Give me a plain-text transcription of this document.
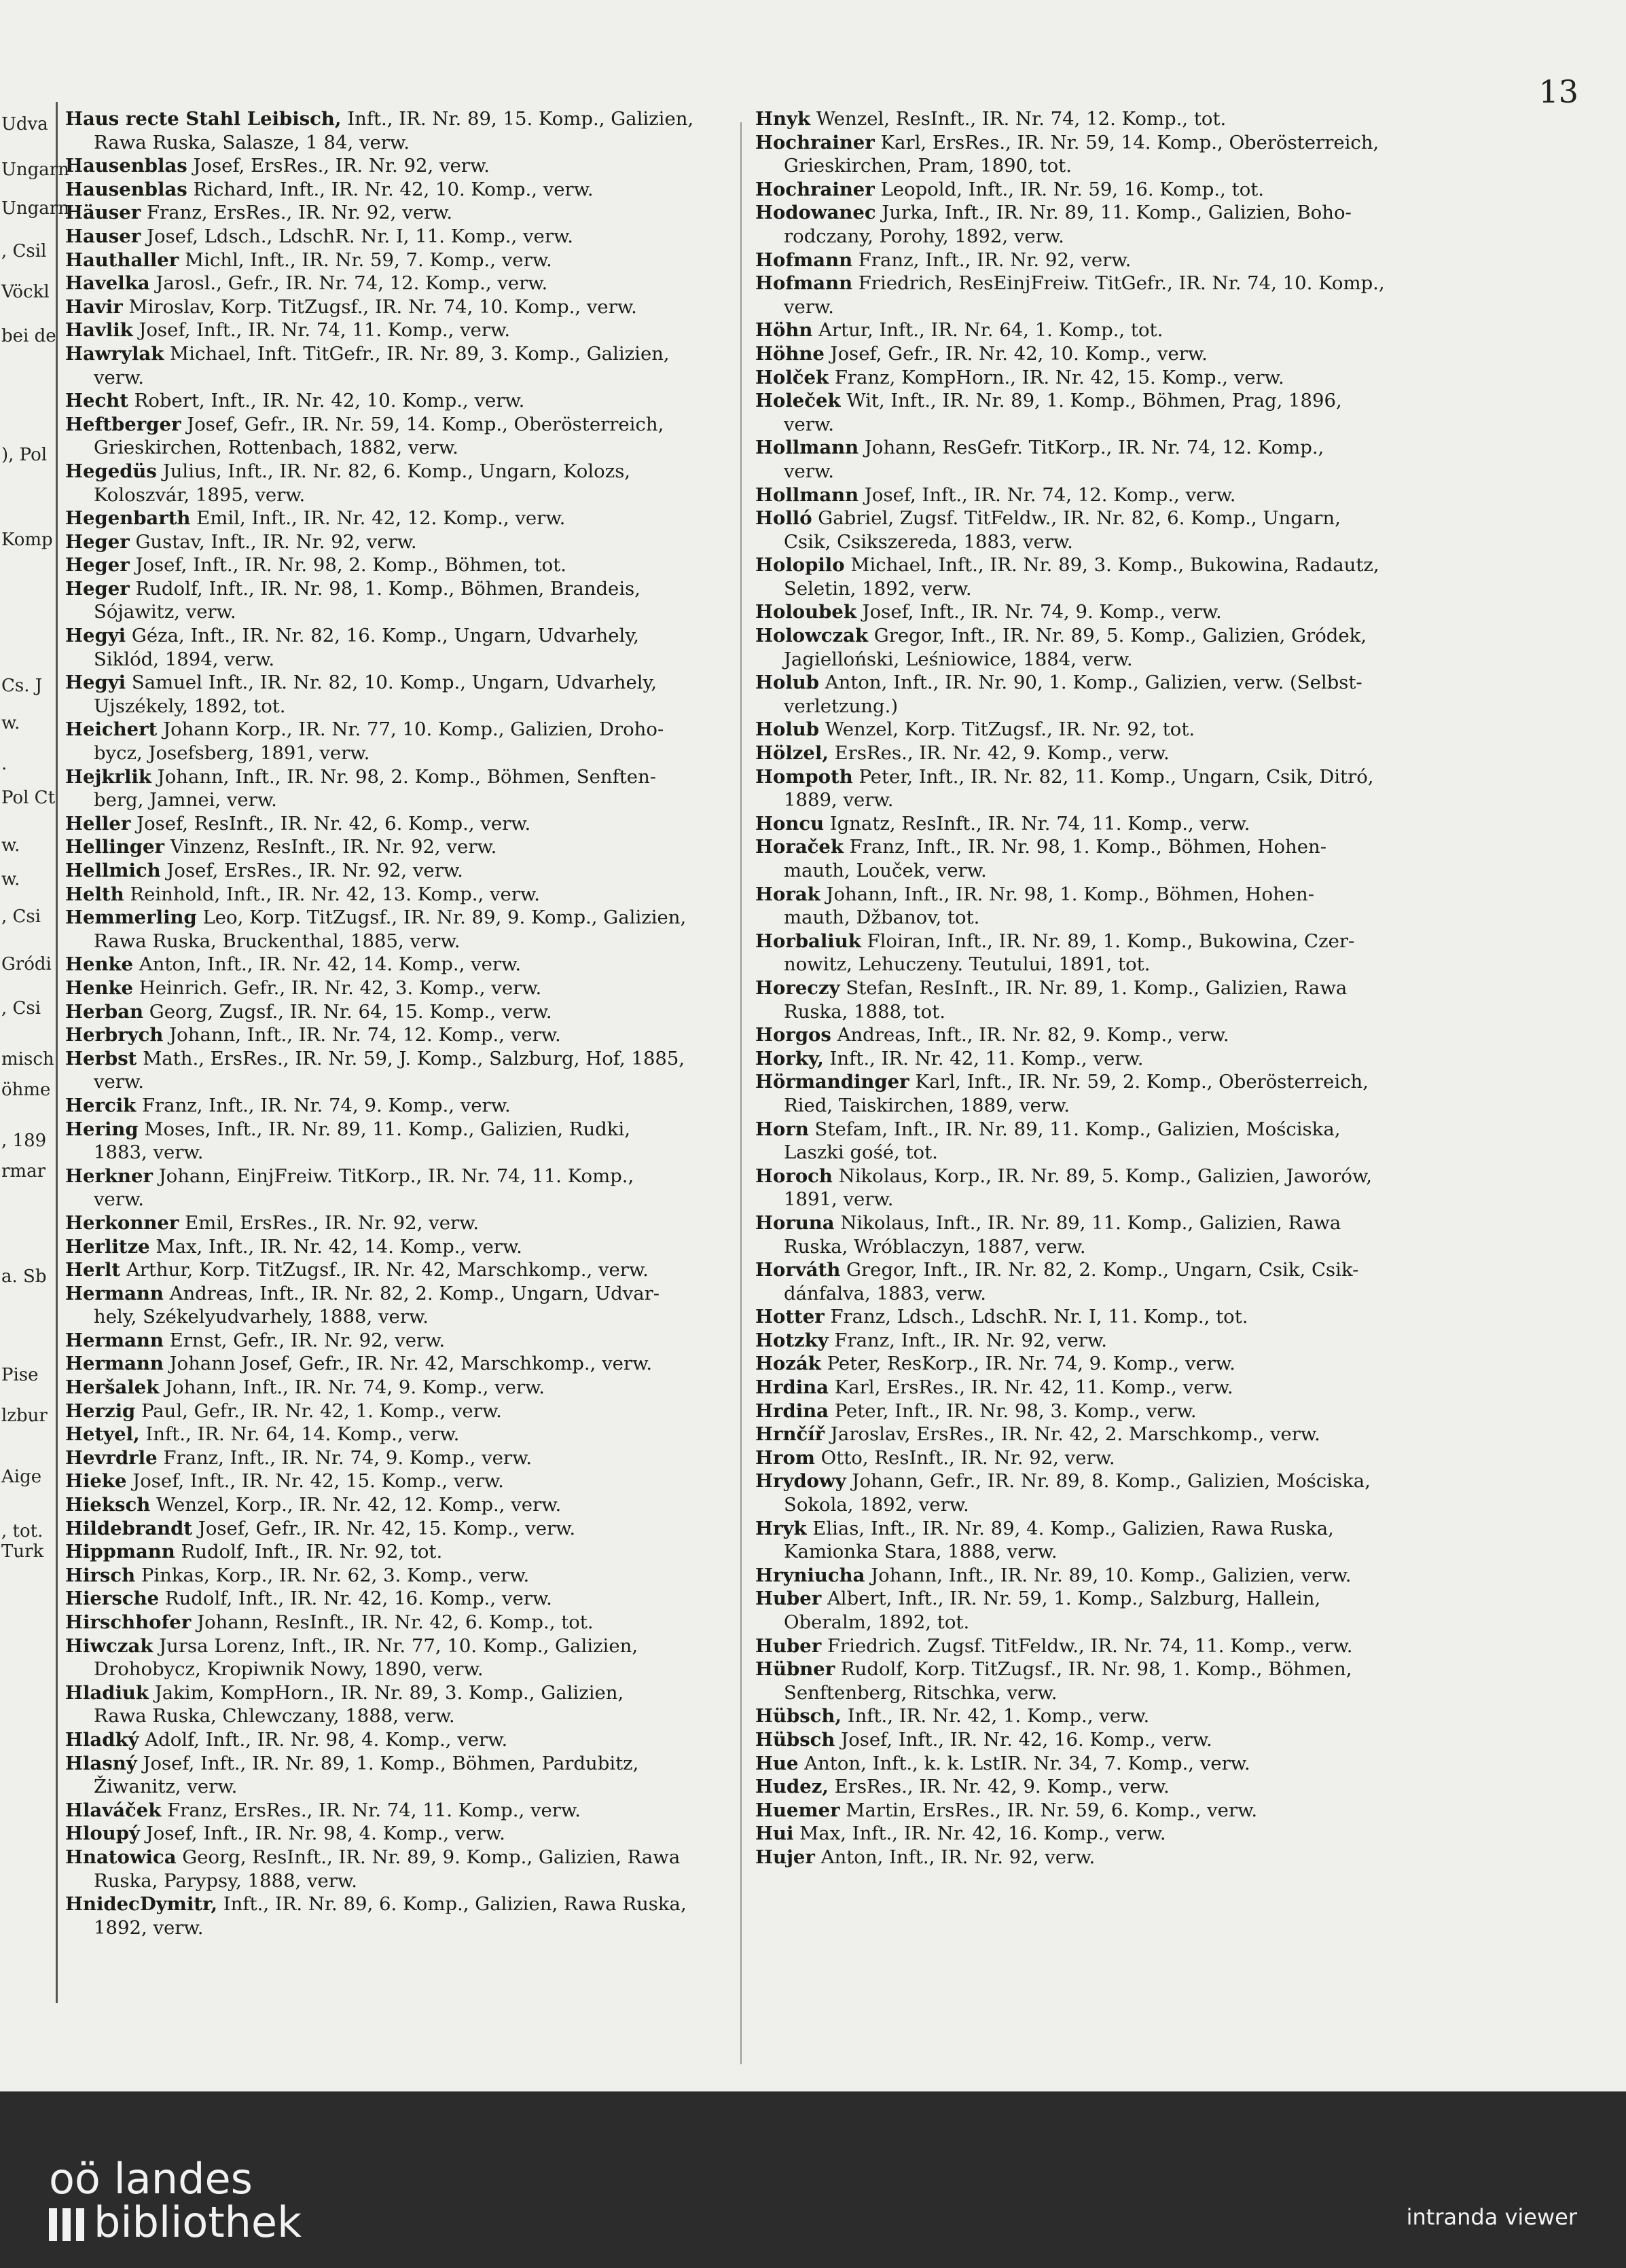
13
Udva
Ungarn
Ungarn
, Csil
Vöckl
bei de
), Pol
Komp
Cs. J
w.
.
Pol Ct
w.
w.
, Csi
Gródi
, Csi
misch
öhme
, 189
rmar
a. Sb
Pise
lzbur
Aige
, tot.
Turk
Haus recte Stahl Leibisch, Inft., IR. Nr. 89, 15. Komp., Galizien,
Rawa Ruska, Salasze, 1 84, verw.
Hausenblas Josef, ErsRes., IR. Nr. 92, verw.
Hausenblas Richard, Inft., IR. Nr. 42, 10. Komp., verw.
Häuser Franz, ErsRes., IR. Nr. 92, verw.
Hauser Josef, Ldsch., LdschR. Nr. I, 11. Komp., verw.
Hauthaller Michl, Inft., IR. Nr. 59, 7. Komp., verw.
Havelka Jarosl., Gefr., IR. Nr. 74, 12. Komp., verw.
Havir Miroslav, Korp. TitZugsf., IR. Nr. 74, 10. Komp., verw.
Havlik Josef, Inft., IR. Nr. 74, 11. Komp., verw.
Hawrylak Michael, Inft. TitGefr., IR. Nr. 89, 3. Komp., Galizien,
verw.
Hecht Robert, Inft., IR. Nr. 42, 10. Komp., verw.
Heftberger Josef, Gefr., IR. Nr. 59, 14. Komp., Oberösterreich,
Grieskirchen, Rottenbach, 1882, verw.
Hegedüs Julius, Inft., IR. Nr. 82, 6. Komp., Ungarn, Kolozs,
Koloszvár, 1895, verw.
Hegenbarth Emil, Inft., IR. Nr. 42, 12. Komp., verw.
Heger Gustav, Inft., IR. Nr. 92, verw.
Heger Josef, Inft., IR. Nr. 98, 2. Komp., Böhmen, tot.
Heger Rudolf, Inft., IR. Nr. 98, 1. Komp., Böhmen, Brandeis,
Sójawitz, verw.
Hegyi Géza, Inft., IR. Nr. 82, 16. Komp., Ungarn, Udvarhely,
Siklód, 1894, verw.
Hegyi Samuel Inft., IR. Nr. 82, 10. Komp., Ungarn, Udvarhely,
Ujszékely, 1892, tot.
Heichert Johann Korp., IR. Nr. 77, 10. Komp., Galizien, Droho-
bycz, Josefsberg, 1891, verw.
Hejkrlik Johann, Inft., IR. Nr. 98, 2. Komp., Böhmen, Senften-
berg, Jamnei, verw.
Heller Josef, ResInft., IR. Nr. 42, 6. Komp., verw.
Hellinger Vinzenz, ResInft., IR. Nr. 92, verw.
Hellmich Josef, ErsRes., IR. Nr. 92, verw.
Helth Reinhold, Inft., IR. Nr. 42, 13. Komp., verw.
Hemmerling Leo, Korp. TitZugsf., IR. Nr. 89, 9. Komp., Galizien,
Rawa Ruska, Bruckenthal, 1885, verw.
Henke Anton, Inft., IR. Nr. 42, 14. Komp., verw.
Henke Heinrich. Gefr., IR. Nr. 42, 3. Komp., verw.
Herban Georg, Zugsf., IR. Nr. 64, 15. Komp., verw.
Herbrych Johann, Inft., IR. Nr. 74, 12. Komp., verw.
Herbst Math., ErsRes., IR. Nr. 59, J. Komp., Salzburg, Hof, 1885,
verw.
Hercik Franz, Inft., IR. Nr. 74, 9. Komp., verw.
Hering Moses, Inft., IR. Nr. 89, 11. Komp., Galizien, Rudki,
1883, verw.
Herkner Johann, EinjFreiw. TitKorp., IR. Nr. 74, 11. Komp.,
verw.
Herkonner Emil, ErsRes., IR. Nr. 92, verw.
Herlitze Max, Inft., IR. Nr. 42, 14. Komp., verw.
Herlt Arthur, Korp. TitZugsf., IR. Nr. 42, Marschkomp., verw.
Hermann Andreas, Inft., IR. Nr. 82, 2. Komp., Ungarn, Udvar-
hely, Székelyudvarhely, 1888, verw.
Hermann Ernst, Gefr., IR. Nr. 92, verw.
Hermann Johann Josef, Gefr., IR. Nr. 42, Marschkomp., verw.
Heršalek Johann, Inft., IR. Nr. 74, 9. Komp., verw.
Herzig Paul, Gefr., IR. Nr. 42, 1. Komp., verw.
Hetyel, Inft., IR. Nr. 64, 14. Komp., verw.
Hevrdrle Franz, Inft., IR. Nr. 74, 9. Komp., verw.
Hieke Josef, Inft., IR. Nr. 42, 15. Komp., verw.
Hieksch Wenzel, Korp., IR. Nr. 42, 12. Komp., verw.
Hildebrandt Josef, Gefr., IR. Nr. 42, 15. Komp., verw.
Hippmann Rudolf, Inft., IR. Nr. 92, tot.
Hirsch Pinkas, Korp., IR. Nr. 62, 3. Komp., verw.
Hiersche Rudolf, Inft., IR. Nr. 42, 16. Komp., verw.
Hirschhofer Johann, ResInft., IR. Nr. 42, 6. Komp., tot.
Hiwczak Jursa Lorenz, Inft., IR. Nr. 77, 10. Komp., Galizien,
Drohobycz, Kropiwnik Nowy, 1890, verw.
Hladiuk Jakim, KompHorn., IR. Nr. 89, 3. Komp., Galizien,
Rawa Ruska, Chlewczany, 1888, verw.
Hladký Adolf, Inft., IR. Nr. 98, 4. Komp., verw.
Hlasný Josef, Inft., IR. Nr. 89, 1. Komp., Böhmen, Pardubitz,
Žiwanitz, verw.
Hlaváček Franz, ErsRes., IR. Nr. 74, 11. Komp., verw.
Hloupý Josef, Inft., IR. Nr. 98, 4. Komp., verw.
Hnatowica Georg, ResInft., IR. Nr. 89, 9. Komp., Galizien, Rawa
Ruska, Parypsy, 1888, verw.
HnidecDymitr, Inft., IR. Nr. 89, 6. Komp., Galizien, Rawa Ruska,
1892, verw.
Hnyk Wenzel, ResInft., IR. Nr. 74, 12. Komp., tot.
Hochrainer Karl, ErsRes., IR. Nr. 59, 14. Komp., Oberösterreich,
Grieskirchen, Pram, 1890, tot.
Hochrainer Leopold, Inft., IR. Nr. 59, 16. Komp., tot.
Hodowanec Jurka, Inft., IR. Nr. 89, 11. Komp., Galizien, Boho-
rodczany, Porohy, 1892, verw.
Hofmann Franz, Inft., IR. Nr. 92, verw.
Hofmann Friedrich, ResEinjFreiw. TitGefr., IR. Nr. 74, 10. Komp.,
verw.
Höhn Artur, Inft., IR. Nr. 64, 1. Komp., tot.
Höhne Josef, Gefr., IR. Nr. 42, 10. Komp., verw.
Holček Franz, KompHorn., IR. Nr. 42, 15. Komp., verw.
Holeček Wit, Inft., IR. Nr. 89, 1. Komp., Böhmen, Prag, 1896,
verw.
Hollmann Johann, ResGefr. TitKorp., IR. Nr. 74, 12. Komp.,
verw.
Hollmann Josef, Inft., IR. Nr. 74, 12. Komp., verw.
Holló Gabriel, Zugsf. TitFeldw., IR. Nr. 82, 6. Komp., Ungarn,
Csik, Csikszereda, 1883, verw.
Holopilo Michael, Inft., IR. Nr. 89, 3. Komp., Bukowina, Radautz,
Seletin, 1892, verw.
Holoubek Josef, Inft., IR. Nr. 74, 9. Komp., verw.
Holowczak Gregor, Inft., IR. Nr. 89, 5. Komp., Galizien, Gródek,
Jagielloński, Leśniowice, 1884, verw.
Holub Anton, Inft., IR. Nr. 90, 1. Komp., Galizien, verw. (Selbst-
verletzung.)
Holub Wenzel, Korp. TitZugsf., IR. Nr. 92, tot.
Hölzel, ErsRes., IR. Nr. 42, 9. Komp., verw.
Hompoth Peter, Inft., IR. Nr. 82, 11. Komp., Ungarn, Csik, Ditró,
1889, verw.
Honcu Ignatz, ResInft., IR. Nr. 74, 11. Komp., verw.
Horaček Franz, Inft., IR. Nr. 98, 1. Komp., Böhmen, Hohen-
mauth, Louček, verw.
Horak Johann, Inft., IR. Nr. 98, 1. Komp., Böhmen, Hohen-
mauth, Džbanov, tot.
Horbaliuk Floiran, Inft., IR. Nr. 89, 1. Komp., Bukowina, Czer-
nowitz, Lehuczeny. Teutului, 1891, tot.
Horeczy Stefan, ResInft., IR. Nr. 89, 1. Komp., Galizien, Rawa
Ruska, 1888, tot.
Horgos Andreas, Inft., IR. Nr. 82, 9. Komp., verw.
Horky, Inft., IR. Nr. 42, 11. Komp., verw.
Hörmandinger Karl, Inft., IR. Nr. 59, 2. Komp., Oberösterreich,
Ried, Taiskirchen, 1889, verw.
Horn Stefam, Inft., IR. Nr. 89, 11. Komp., Galizien, Mościska,
Laszki gośé, tot.
Horoch Nikolaus, Korp., IR. Nr. 89, 5. Komp., Galizien, Jaworów,
1891, verw.
Horuna Nikolaus, Inft., IR. Nr. 89, 11. Komp., Galizien, Rawa
Ruska, Wróblaczyn, 1887, verw.
Horváth Gregor, Inft., IR. Nr. 82, 2. Komp., Ungarn, Csik, Csik-
dánfalva, 1883, verw.
Hotter Franz, Ldsch., LdschR. Nr. I, 11. Komp., tot.
Hotzky Franz, Inft., IR. Nr. 92, verw.
Hozák Peter, ResKorp., IR. Nr. 74, 9. Komp., verw.
Hrdina Karl, ErsRes., IR. Nr. 42, 11. Komp., verw.
Hrdina Peter, Inft., IR. Nr. 98, 3. Komp., verw.
Hrnčíř Jaroslav, ErsRes., IR. Nr. 42, 2. Marschkomp., verw.
Hrom Otto, ResInft., IR. Nr. 92, verw.
Hrydowy Johann, Gefr., IR. Nr. 89, 8. Komp., Galizien, Mościska,
Sokola, 1892, verw.
Hryk Elias, Inft., IR. Nr. 89, 4. Komp., Galizien, Rawa Ruska,
Kamionka Stara, 1888, verw.
Hryniucha Johann, Inft., IR. Nr. 89, 10. Komp., Galizien, verw.
Huber Albert, Inft., IR. Nr. 59, 1. Komp., Salzburg, Hallein,
Oberalm, 1892, tot.
Huber Friedrich. Zugsf. TitFeldw., IR. Nr. 74, 11. Komp., verw.
Hübner Rudolf, Korp. TitZugsf., IR. Nr. 98, 1. Komp., Böhmen,
Senftenberg, Ritschka, verw.
Hübsch, Inft., IR. Nr. 42, 1. Komp., verw.
Hübsch Josef, Inft., IR. Nr. 42, 16. Komp., verw.
Hue Anton, Inft., k. k. LstIR. Nr. 34, 7. Komp., verw.
Hudez, ErsRes., IR. Nr. 42, 9. Komp., verw.
Huemer Martin, ErsRes., IR. Nr. 59, 6. Komp., verw.
Hui Max, Inft., IR. Nr. 42, 16. Komp., verw.
Hujer Anton, Inft., IR. Nr. 92, verw.
oö landes
bibliothek	intranda viewer
